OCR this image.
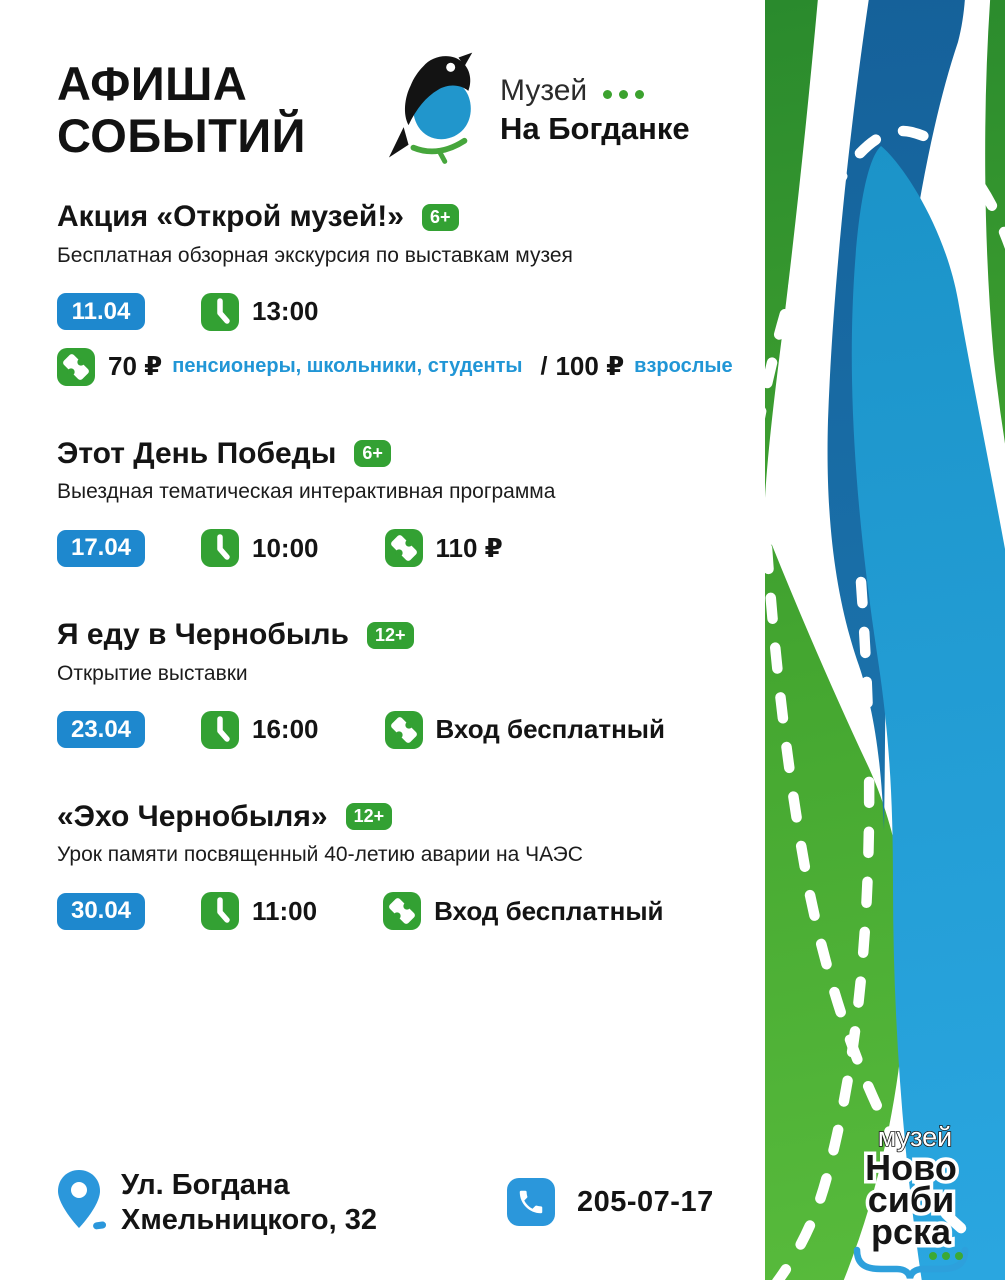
АФИША
СОБЫТИЙ
Музей
На Богданке
Акция «Открой музей!»	6+

Бесплатная обзорная экскурсия по выставкам музея

11.04	13:00
70 ₽ пенсионеры, школьники, студенты / 100 ₽ взрослые
Этот День Победы	6+

Выездная тематическая интерактивная программа

17.04	10:00	110 ₽
Я еду в Чернобыль	12+

Открытие выставки

23.04	16:00	Вход бесплатный
«Эхо Чернобыля»	12+

Урок памяти посвященный 40-летию аварии на ЧАЭС

30.04	11:00	Вход бесплатный
Ул. Богдана
Хмельницкого, 32
205-07-17
музей
Ново
сиби
рска
